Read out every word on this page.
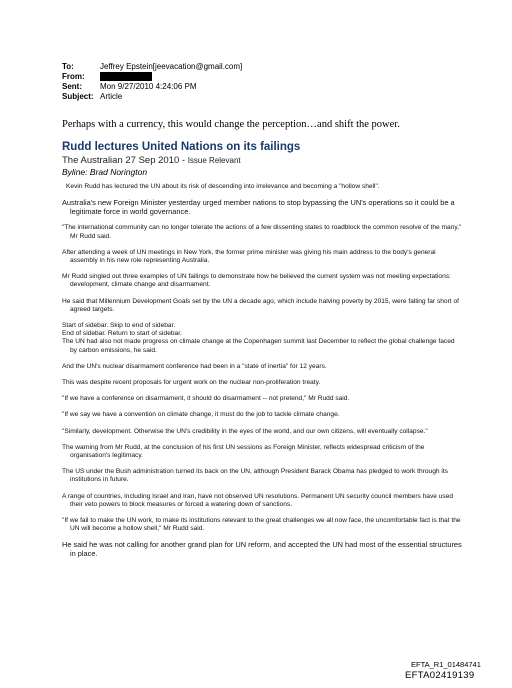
To:	Jeffrey Epstein[jeevacation@gmail.com]
From:
Sent:	Mon 9/27/2010 4:24:06 PM
Subject: Article
Perhaps with a currency, this would change the perception…and shift the power.

Rudd lectures United Nations on its failings

The Australian 27 Sep 2010 - Issue Relevant
Byline: Brad Norington

Kevin Rudd has lectured the UN about its risk of descending into irrelevance and becoming a "hollow shell".

Australia's new Foreign Minister yesterday urged member nations to stop bypassing the UN's operations so it could be a legitimate force in world governance.

"The international community can no longer tolerate the actions of a few dissenting states to roadblock the common resolve of the many," Mr Rudd said.

After attending a week of UN meetings in New York, the former prime minister was giving his main address to the body's general assembly in his new role representing Australia.

Mr Rudd singled out three examples of UN failings to demonstrate how he believed the current system was not meeting expectations: development, climate change and disarmament.

He said that Millennium Development Goals set by the UN a decade ago, which include halving poverty by 2015, were falling far short of agreed targets.

Start of sidebar. Skip to end of sidebar.

End of sidebar. Return to start of sidebar.

The UN had also not made progress on climate change at the Copenhagen summit last December to reflect the global challenge faced by carbon emissions, he said.

And the UN's nuclear disarmament conference had been in a "state of inertia" for 12 years.

This was despite recent proposals for urgent work on the nuclear non-proliferation treaty.

"If we have a conference on disarmament, it should do disarmament -- not pretend," Mr Rudd said.

"If we say we have a convention on climate change, it must do the job to tackle climate change.

"Similarly, development. Otherwise the UN's credibility in the eyes of the world, and our own citizens, will eventually collapse."

The warning from Mr Rudd, at the conclusion of his first UN sessions as Foreign Minister, reflects widespread criticism of the organisation's legitimacy.

The US under the Bush administration turned its back on the UN, although President Barack Obama has pledged to work through its institutions in future.

A range of countries, including Israel and Iran, have not observed UN resolutions. Permanent UN security council members have used their veto powers to block measures or forced a watering down of sanctions.

"If we fail to make the UN work, to make its institutions relevant to the great challenges we all now face, the uncomfortable fact is that the UN will become a hollow shell," Mr Rudd said.

He said he was not calling for another grand plan for UN reform, and accepted the UN had most of the essential structures in place.

EFTA_R1_01484741
EFTA02419139
